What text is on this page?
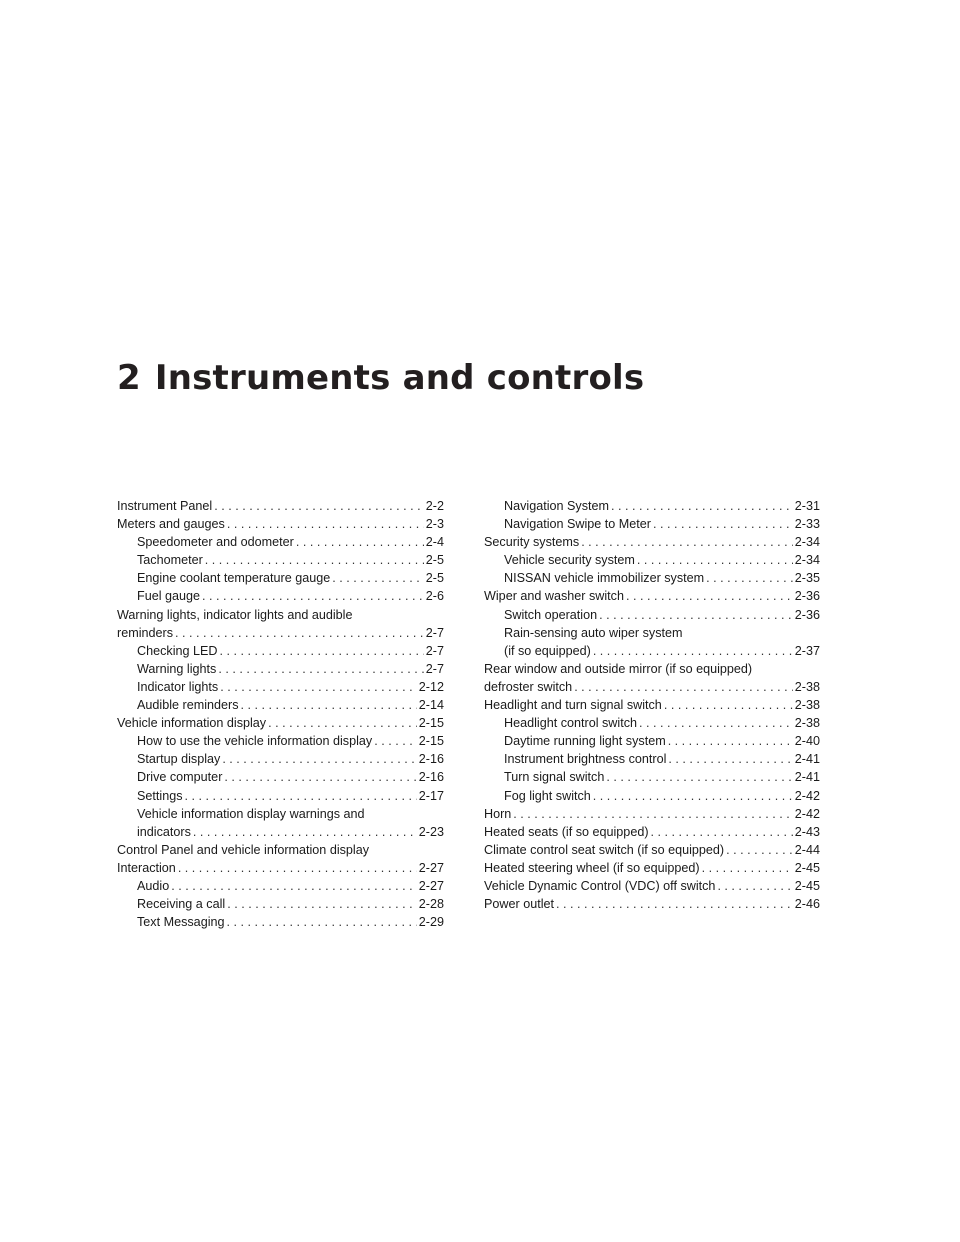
2 Instruments and controls
Instrument Panel . . .	2-2
Meters and gauges . . .	2-3
Speedometer and odometer . . .	2-4
Tachometer . . .	2-5
Engine coolant temperature gauge . . .	2-5
Fuel gauge . . .	2-6
Warning lights, indicator lights and audible
reminders . . .	2-7
Checking LED . . .	2-7
Warning lights . . .	2-7
Indicator lights . . .	2-12
Audible reminders . . .	2-14
Vehicle information display . . .	2-15
How to use the vehicle information display . . .	2-15
Startup display . . .	2-16
Drive computer . . .	2-16
Settings . . .	2-17
Vehicle information display warnings and
indicators . . .	2-23
Control Panel and vehicle information display
Interaction . . .	2-27
Audio . . .	2-27
Receiving a call . . .	2-28
Text Messaging . . .	2-29
Navigation System . . .	2-31
Navigation Swipe to Meter . . .	2-33
Security systems . . .	2-34
Vehicle security system . . .	2-34
NISSAN vehicle immobilizer system . . .	2-35
Wiper and washer switch . . .	2-36
Switch operation . . .	2-36
Rain-sensing auto wiper system
(if so equipped) . . .	2-37
Rear window and outside mirror (if so equipped)
defroster switch . . .	2-38
Headlight and turn signal switch . . .	2-38
Headlight control switch . . .	2-38
Daytime running light system . . .	2-40
Instrument brightness control . . .	2-41
Turn signal switch . . .	2-41
Fog light switch . . .	2-42
Horn . . .	2-42
Heated seats (if so equipped) . . .	2-43
Climate control seat switch (if so equipped) . . .	2-44
Heated steering wheel (if so equipped) . . .	2-45
Vehicle Dynamic Control (VDC) off switch . . .	2-45
Power outlet . . .	2-46
